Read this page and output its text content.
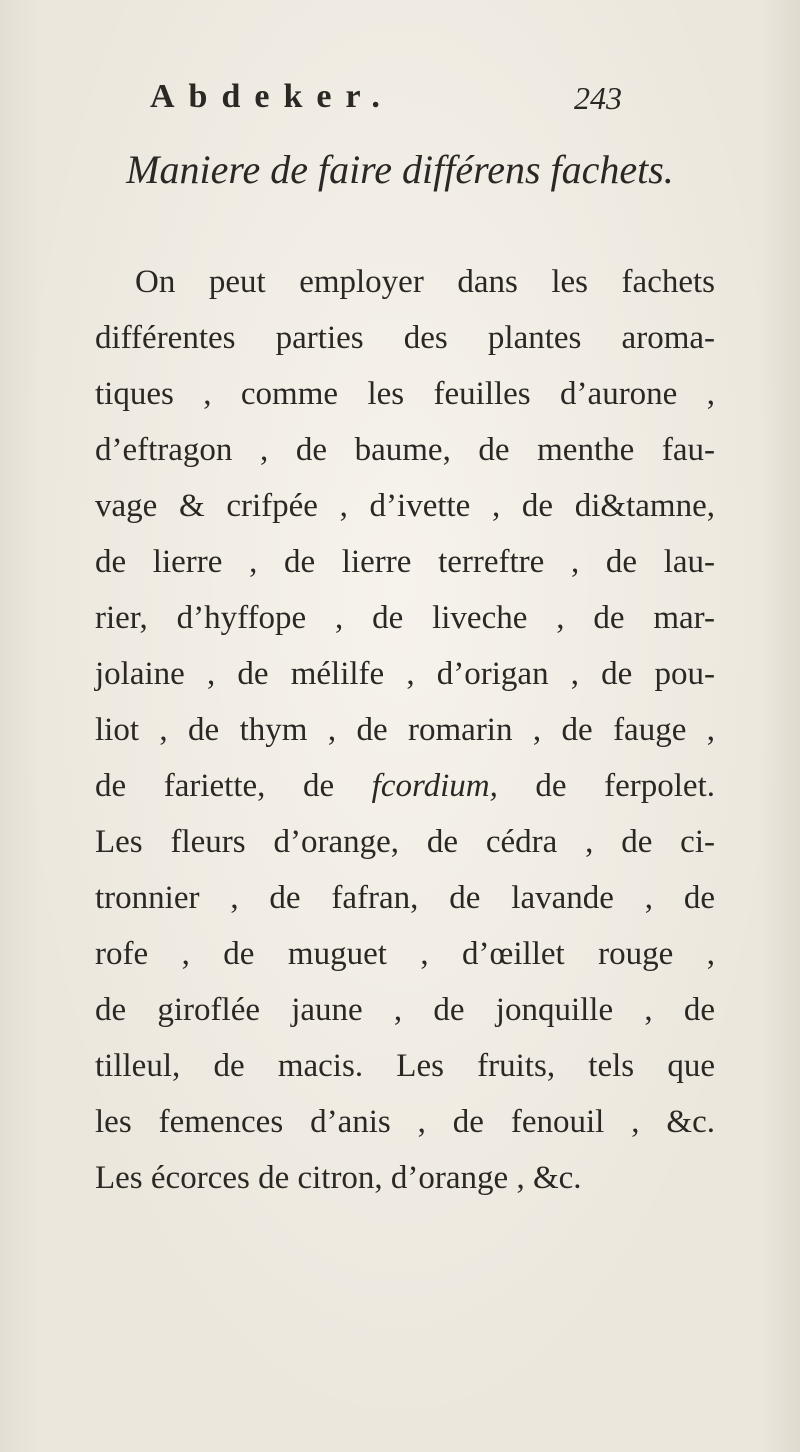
Abdeker.	243
Maniere de faire différens fachets.
On peut employer dans les fachets
différentes parties des plantes aroma-
tiques , comme les feuilles d’aurone ,
d’eftragon , de baume, de menthe fau-
vage & crifpée , d’ivette , de di&tamne,
de lierre , de lierre terreftre , de lau-
rier, d’hyffope , de liveche , de mar-
jolaine , de mélilfe , d’origan , de pou-
liot , de thym , de romarin , de fauge ,
de fariette, de fcordium, de ferpolet.
Les fleurs d’orange, de cédra , de ci-
tronnier , de fafran, de lavande , de
rofe , de muguet , d’œillet rouge ,
de giroflée jaune , de jonquille , de
tilleul, de macis. Les fruits, tels que
les femences d’anis , de fenouil , &c.
Les écorces de citron, d’orange , &c.
